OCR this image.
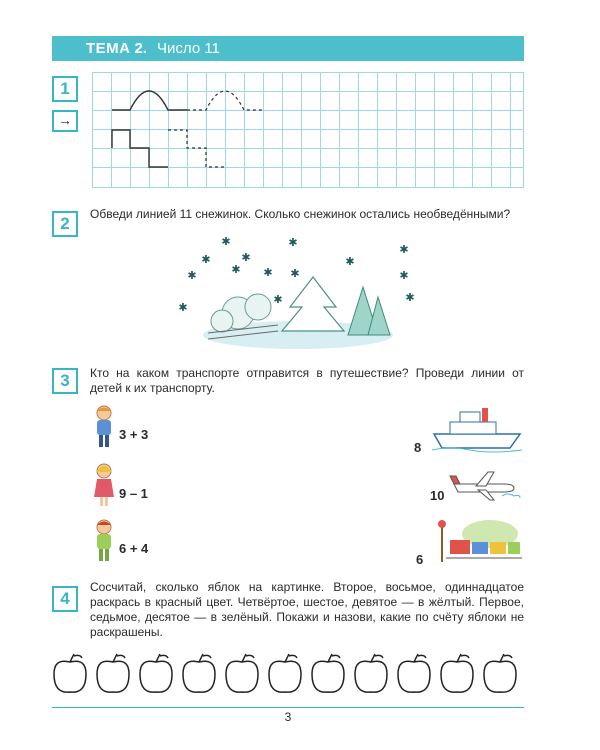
ТЕМА 2. Число 11
1
→
2	Обведи линией 11 снежинок. Сколько снежинок остались необведёнными?
✱	✱
✱	✱	✱
✱
✱	✱ ✱
✱	✱
✱
✱
✱
3	Кто на каком транспорте отправится в путешествие? Проведи линии от детей к их транспорту.
3 + 3
9 – 1
6 + 4
8
10
6
4
Сосчитай, сколько яблок на картинке. Второе, восьмое, одиннадцатое раскрась в красный цвет. Четвёртое, шестое, девятое — в жёлтый. Первое, седьмое, десятое — в зелёный. Покажи и назови, какие по счёту яблоки не раскрашены.
3
